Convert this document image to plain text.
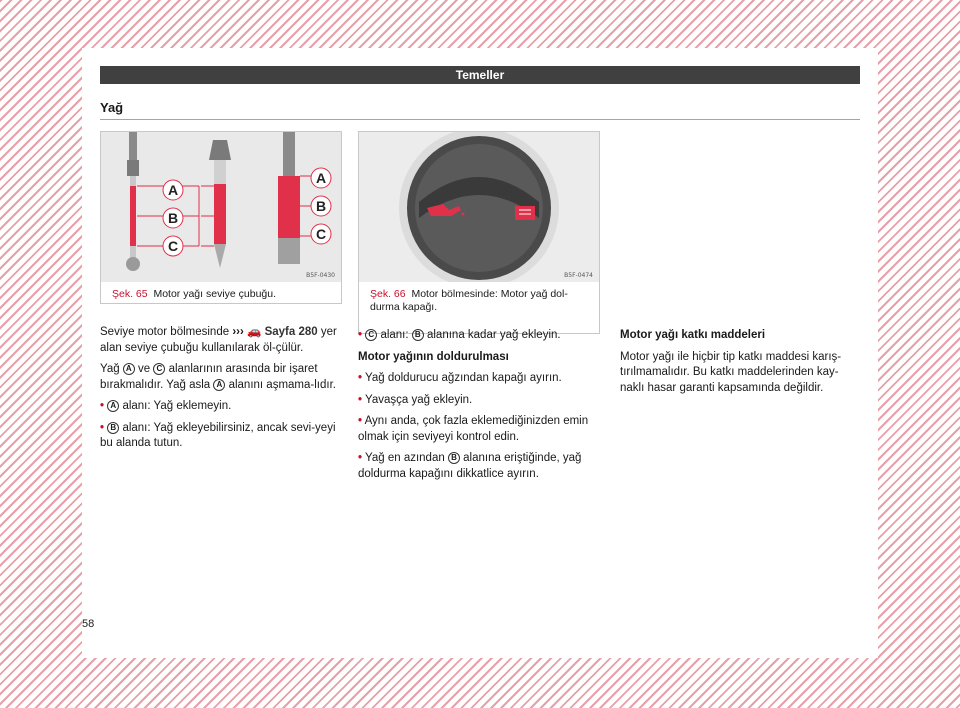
Temeller
Yağ
A
B
C
A
B
C
B5F-0430
Şek. 65 Motor yağı seviye çubuğu.
B5F-0474
Şek. 66 Motor bölmesinde: Motor yağ dol-durma kapağı.

Seviye motor bölmesinde ››› 🚗 Sayfa 280 yer alan seviye çubuğu kullanılarak öl-çülür.

Yağ A ve C alanlarının arasında bir işaret bırakmalıdır. Yağ asla A alanını aşmama-lıdır.

• A alanı: Yağ eklemeyin.

• B alanı: Yağ ekleyebilirsiniz, ancak sevi-yeyi bu alanda tutun.

• C alanı: B alanına kadar yağ ekleyin.

Motor yağının doldurulması

• Yağ doldurucu ağzından kapağı ayırın.

• Yavaşça yağ ekleyin.

• Aynı anda, çok fazla eklemediğinizden emin olmak için seviyeyi kontrol edin.

• Yağ en azından B alanına eriştiğinde, yağ doldurma kapağını dikkatlice ayırın.

Motor yağı katkı maddeleri

Motor yağı ile hiçbir tip katkı maddesi karış-tırılmamalıdır. Bu katkı maddelerinden kay-naklı hasar garanti kapsamında değildir.

58
